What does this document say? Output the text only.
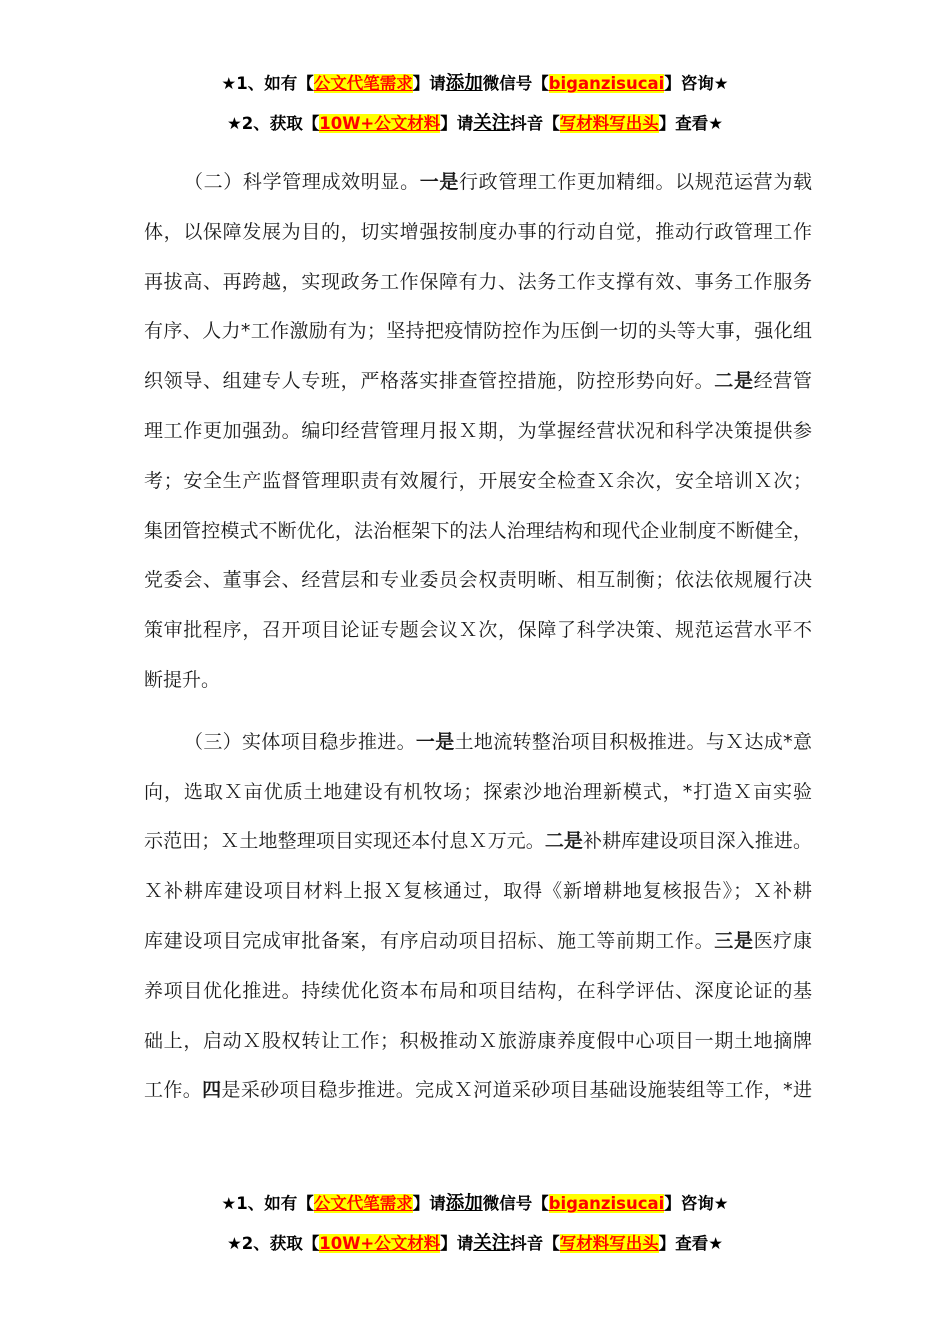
★1、如有【公文代笔需求】请添加微信号【biganzisucai】咨询★
★2、获取【10W+公文材料】请关注抖音【写材料写出头】查看★
（二）科学管理成效明显。一是行政管理工作更加精细。以规范运营为载
体，以保障发展为目的，切实增强按制度办事的行动自觉，推动行政管理工作
再拔高、再跨越，实现政务工作保障有力、法务工作支撑有效、事务工作服务
有序、人力*工作激励有为；坚持把疫情防控作为压倒一切的头等大事，强化组
织领导、组建专人专班，严格落实排查管控措施，防控形势向好。二是经营管
理工作更加强劲。编印经营管理月报Ｘ期，为掌握经营状况和科学决策提供参
考；安全生产监督管理职责有效履行，开展安全检查Ｘ余次，安全培训Ｘ次；
集团管控模式不断优化，法治框架下的法人治理结构和现代企业制度不断健全，
党委会、董事会、经营层和专业委员会权责明晰、相互制衡；依法依规履行决
策审批程序，召开项目论证专题会议Ｘ次，保障了科学决策、规范运营水平不
断提升。
（三）实体项目稳步推进。一是土地流转整治项目积极推进。与Ｘ达成*意
向，选取Ｘ亩优质土地建设有机牧场；探索沙地治理新模式，*打造Ｘ亩实验
示范田；Ｘ土地整理项目实现还本付息Ｘ万元。二是补耕库建设项目深入推进。
Ｘ补耕库建设项目材料上报Ｘ复核通过，取得《新增耕地复核报告》；Ｘ补耕
库建设项目完成审批备案，有序启动项目招标、施工等前期工作。三是医疗康
养项目优化推进。持续优化资本布局和项目结构，在科学评估、深度论证的基
础上，启动Ｘ股权转让工作；积极推动Ｘ旅游康养度假中心项目一期土地摘牌
工作。四是采砂项目稳步推进。完成Ｘ河道采砂项目基础设施装组等工作，*进
★1、如有【公文代笔需求】请添加微信号【biganzisucai】咨询★
★2、获取【10W+公文材料】请关注抖音【写材料写出头】查看★
